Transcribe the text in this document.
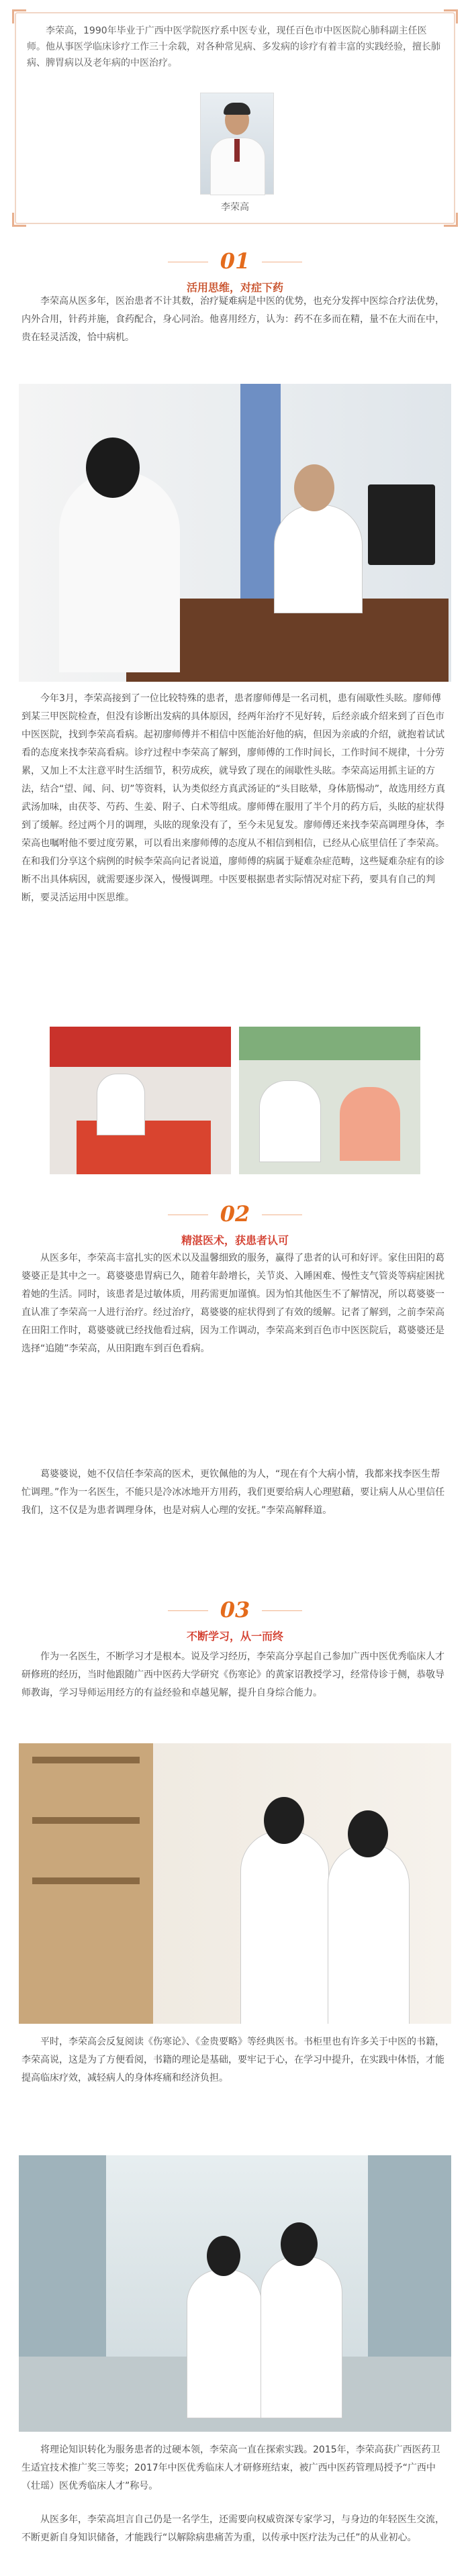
李荣高，1990年毕业于广西中医学院医疗系中医专业，现任百色市中医医院心肺科副主任医师。他从事医学临床诊疗工作三十余载，对各种常见病、多发病的诊疗有着丰富的实践经验，擅长肺病、脾胃病以及老年病的中医治疗。
李荣高
01
活用思维，对症下药
李荣高从医多年，医治患者不计其数，治疗疑难病是中医的优势，也充分发挥中医综合疗法优势，内外合用，针药并施，食药配合，身心同治。他喜用经方，认为：药不在多而在精，量不在大而在中，贵在轻灵活泼，恰中病机。
今年3月，李荣高接到了一位比较特殊的患者，患者廖师傅是一名司机，患有闹歇性头眩。廖师傅到某三甲医院检查，但没有诊断出发病的具体原因，经两年治疗不见好转，后经亲戚介绍来到了百色市中医医院，找到李荣高看病。起初廖师傅并不相信中医能治好他的病，但因为亲戚的介绍，就抱着试试看的态度来找李荣高看病。诊疗过程中李荣高了解到，廖师傅的工作时间长，工作时间不规律，十分劳累，又加上不太注意平时生活细节，积劳成疾，就导致了现在的闹歇性头眩。李荣高运用抓主证的方法，结合“望、闻、问、切”等资料，认为类似经方真武汤证的“头目眩晕，身体筋惕动”，故选用经方真武汤加味，由茯苓、芍药、生姜、附子、白术等组成。廖师傅在服用了半个月的药方后，头眩的症状得到了缓解。经过两个月的调理，头眩的现象没有了，至今未见复发。廖师傅还来找李荣高调理身体，李荣高也嘱咐他不要过度劳累，可以看出来廖师傅的态度从不相信到相信，已经从心底里信任了李荣高。在和我们分享这个病例的时候李荣高向记者说道，廖师傅的病属于疑难杂症范畴，这些疑难杂症有的诊断不出具体病因，就需要逐步深入，慢慢调理。中医要根据患者实际情况对症下药，要具有自己的判断，要灵活运用中医思维。
02
精湛医术，获患者认可
从医多年，李荣高丰富扎实的医术以及温馨细致的服务，赢得了患者的认可和好评。家住田阳的葛婆婆正是其中之一。葛婆婆患胃病已久，随着年龄增长，关节炎、入睡困难、慢性支气管炎等病症困扰着她的生活。同时，该患者是过敏体质，用药需更加谨慎。因为怕其他医生不了解情况，所以葛婆婆一直认准了李荣高一人进行治疗。经过治疗，葛婆婆的症状得到了有效的缓解。记者了解到，之前李荣高在田阳工作时，葛婆婆就已经找他看过病，因为工作调动，李荣高来到百色市中医医院后，葛婆婆还是选择“追随”李荣高，从田阳跑车到百色看病。
葛婆婆说，她不仅信任李荣高的医术，更钦佩他的为人，“现在有个大病小情，我都来找李医生帮忙调理。”作为一名医生，不能只是冷冰冰地开方用药，我们更要给病人心理慰藉，要让病人从心里信任我们，这不仅是为患者调理身体，也是对病人心理的安抚。”李荣高解释道。
03
不断学习，从一而终
作为一名医生，不断学习才是根本。说及学习经历，李荣高分享起自己参加广西中医优秀临床人才研修班的经历，当时他跟随广西中医药大学研究《伤寒论》的黄家诏教授学习，经常侍诊于侧，恭敬导师教诲，学习导师运用经方的有益经验和卓越见解，提升自身综合能力。
平时，李荣高会反复阅读《伤寒论》、《金贵要略》等经典医书。书柜里也有许多关于中医的书籍，李荣高说，这是为了方便看阅，书籍的理论是基础，要牢记于心，在学习中提升，在实践中体悟，才能提高临床疗效，减轻病人的身体疼痛和经济负担。
将理论知识转化为服务患者的过硬本领，李荣高一直在探索实践。2015年，李荣高获广西医药卫生适宜技术推广奖三等奖；2017年中医优秀临床人才研修班结束，被广西中医药管理局授予“广西中（壮瑶）医优秀临床人才”称号。
从医多年，李荣高坦言自己仍是一名学生，还需要向权威资深专家学习，与身边的年轻医生交流，不断更新自身知识储备，才能践行“以解除病患痛苦为重，以传承中医疗法为己任”的从业初心。
